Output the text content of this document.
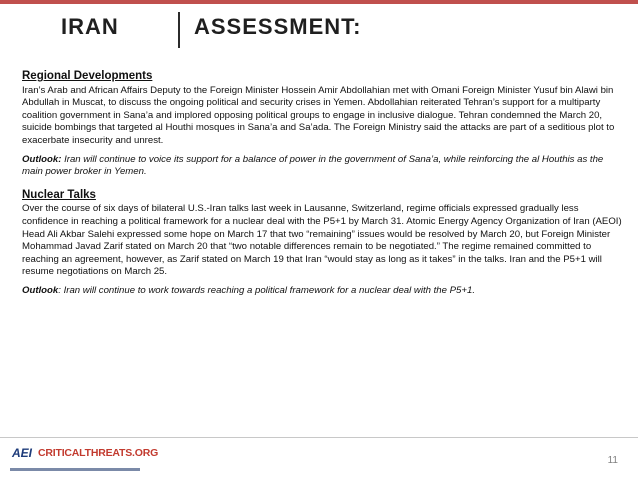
IRAN	ASSESSMENT:
Regional Developments

Iran’s Arab and African Affairs Deputy to the Foreign Minister Hossein Amir Abdollahian met with Omani Foreign Minister Yusuf bin Alawi bin Abdullah in Muscat, to discuss the ongoing political and security crises in Yemen. Abdollahian reiterated Tehran’s support for a multiparty coalition government in Sana’a and implored opposing political groups to engage in inclusive dialogue. Tehran condemned the March 20, suicide bombings that targeted al Houthi mosques in Sana’a and Sa’ada. The Foreign Ministry said the attacks are part of a seditious plot to exacerbate insecurity and unrest.

Outlook: Iran will continue to voice its support for a balance of power in the government of Sana’a, while reinforcing the al Houthis as the main power broker in Yemen.

Nuclear Talks

Over the course of six days of bilateral U.S.-Iran talks last week in Lausanne, Switzerland, regime officials expressed gradually less confidence in reaching a political framework for a nuclear deal with the P5+1 by March 31. Atomic Energy Agency Organization of Iran (AEOI) Head Ali Akbar Salehi expressed some hope on March 17 that two “remaining” issues would be resolved by March 20, but Foreign Minister Mohammad Javad Zarif stated on March 20 that “two notable differences remain to be negotiated.” The regime remained committed to reaching an agreement, however, as Zarif stated on March 19 that Iran “would stay as long as it takes” in the talks. Iran and the P5+1 will resume negotiations on March 25.

Outlook: Iran will continue to work towards reaching a political framework for a nuclear deal with the P5+1.

AEI CRITICALTHREATS.ORG
11
